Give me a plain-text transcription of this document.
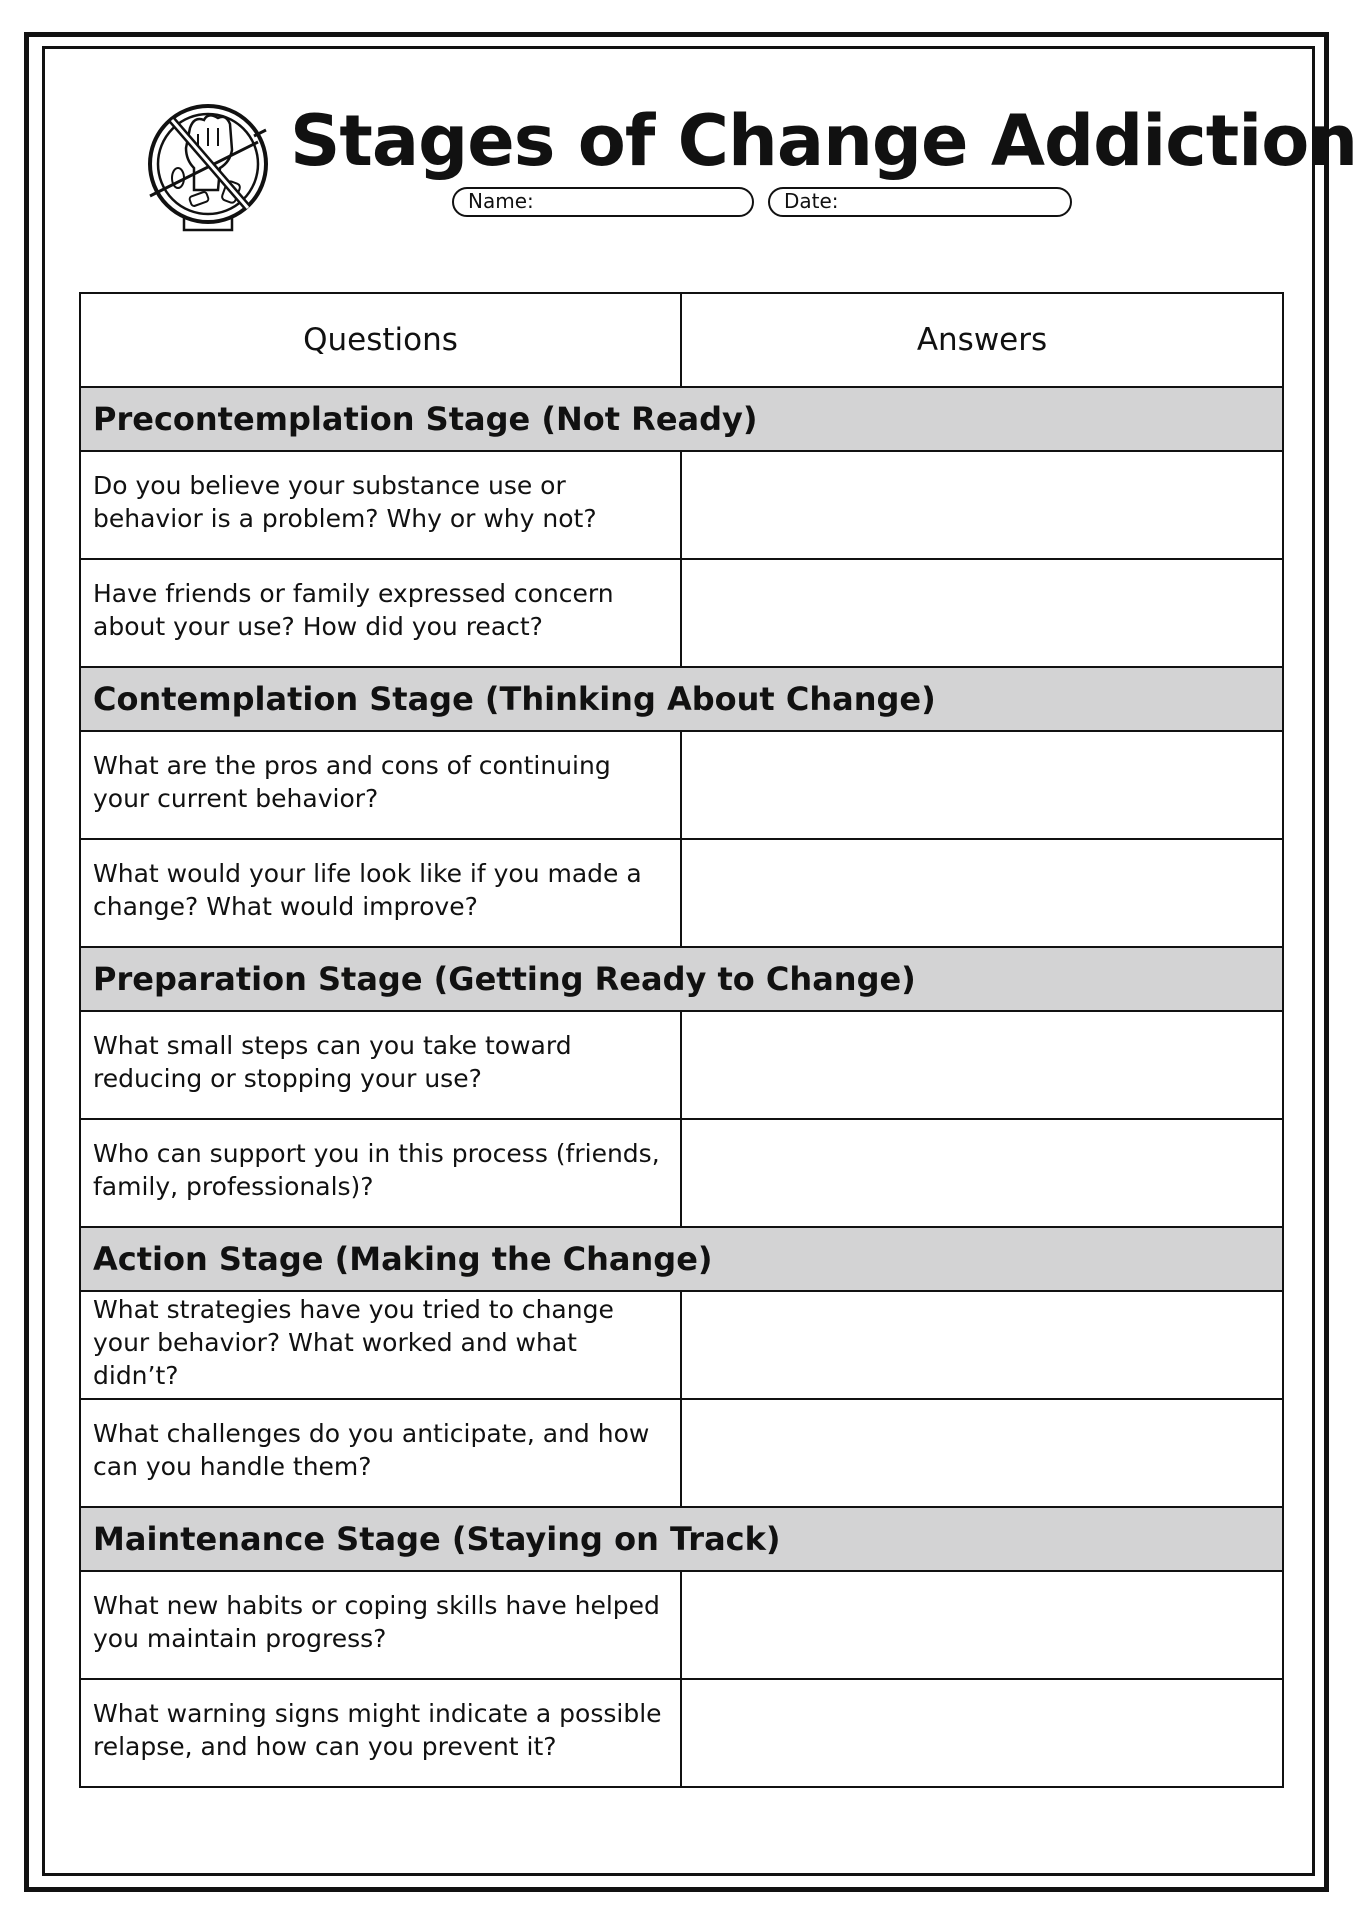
Stages of Change Addiction
Name:	Date:
Questions	Answers
Precontemplation Stage (Not Ready)
Do you believe your substance use or behavior is a problem? Why or why not?
Have friends or family expressed concern about your use? How did you react?
Contemplation Stage (Thinking About Change)
What are the pros and cons of continuing your current behavior?
What would your life look like if you made a change? What would improve?
Preparation Stage (Getting Ready to Change)
What small steps can you take toward reducing or stopping your use?
Who can support you in this process (friends, family, professionals)?
Action Stage (Making the Change)
What strategies have you tried to change your behavior? What worked and what didn’t?
What challenges do you anticipate, and how can you handle them?
Maintenance Stage (Staying on Track)
What new habits or coping skills have helped you maintain progress?
What warning signs might indicate a possible relapse, and how can you prevent it?
